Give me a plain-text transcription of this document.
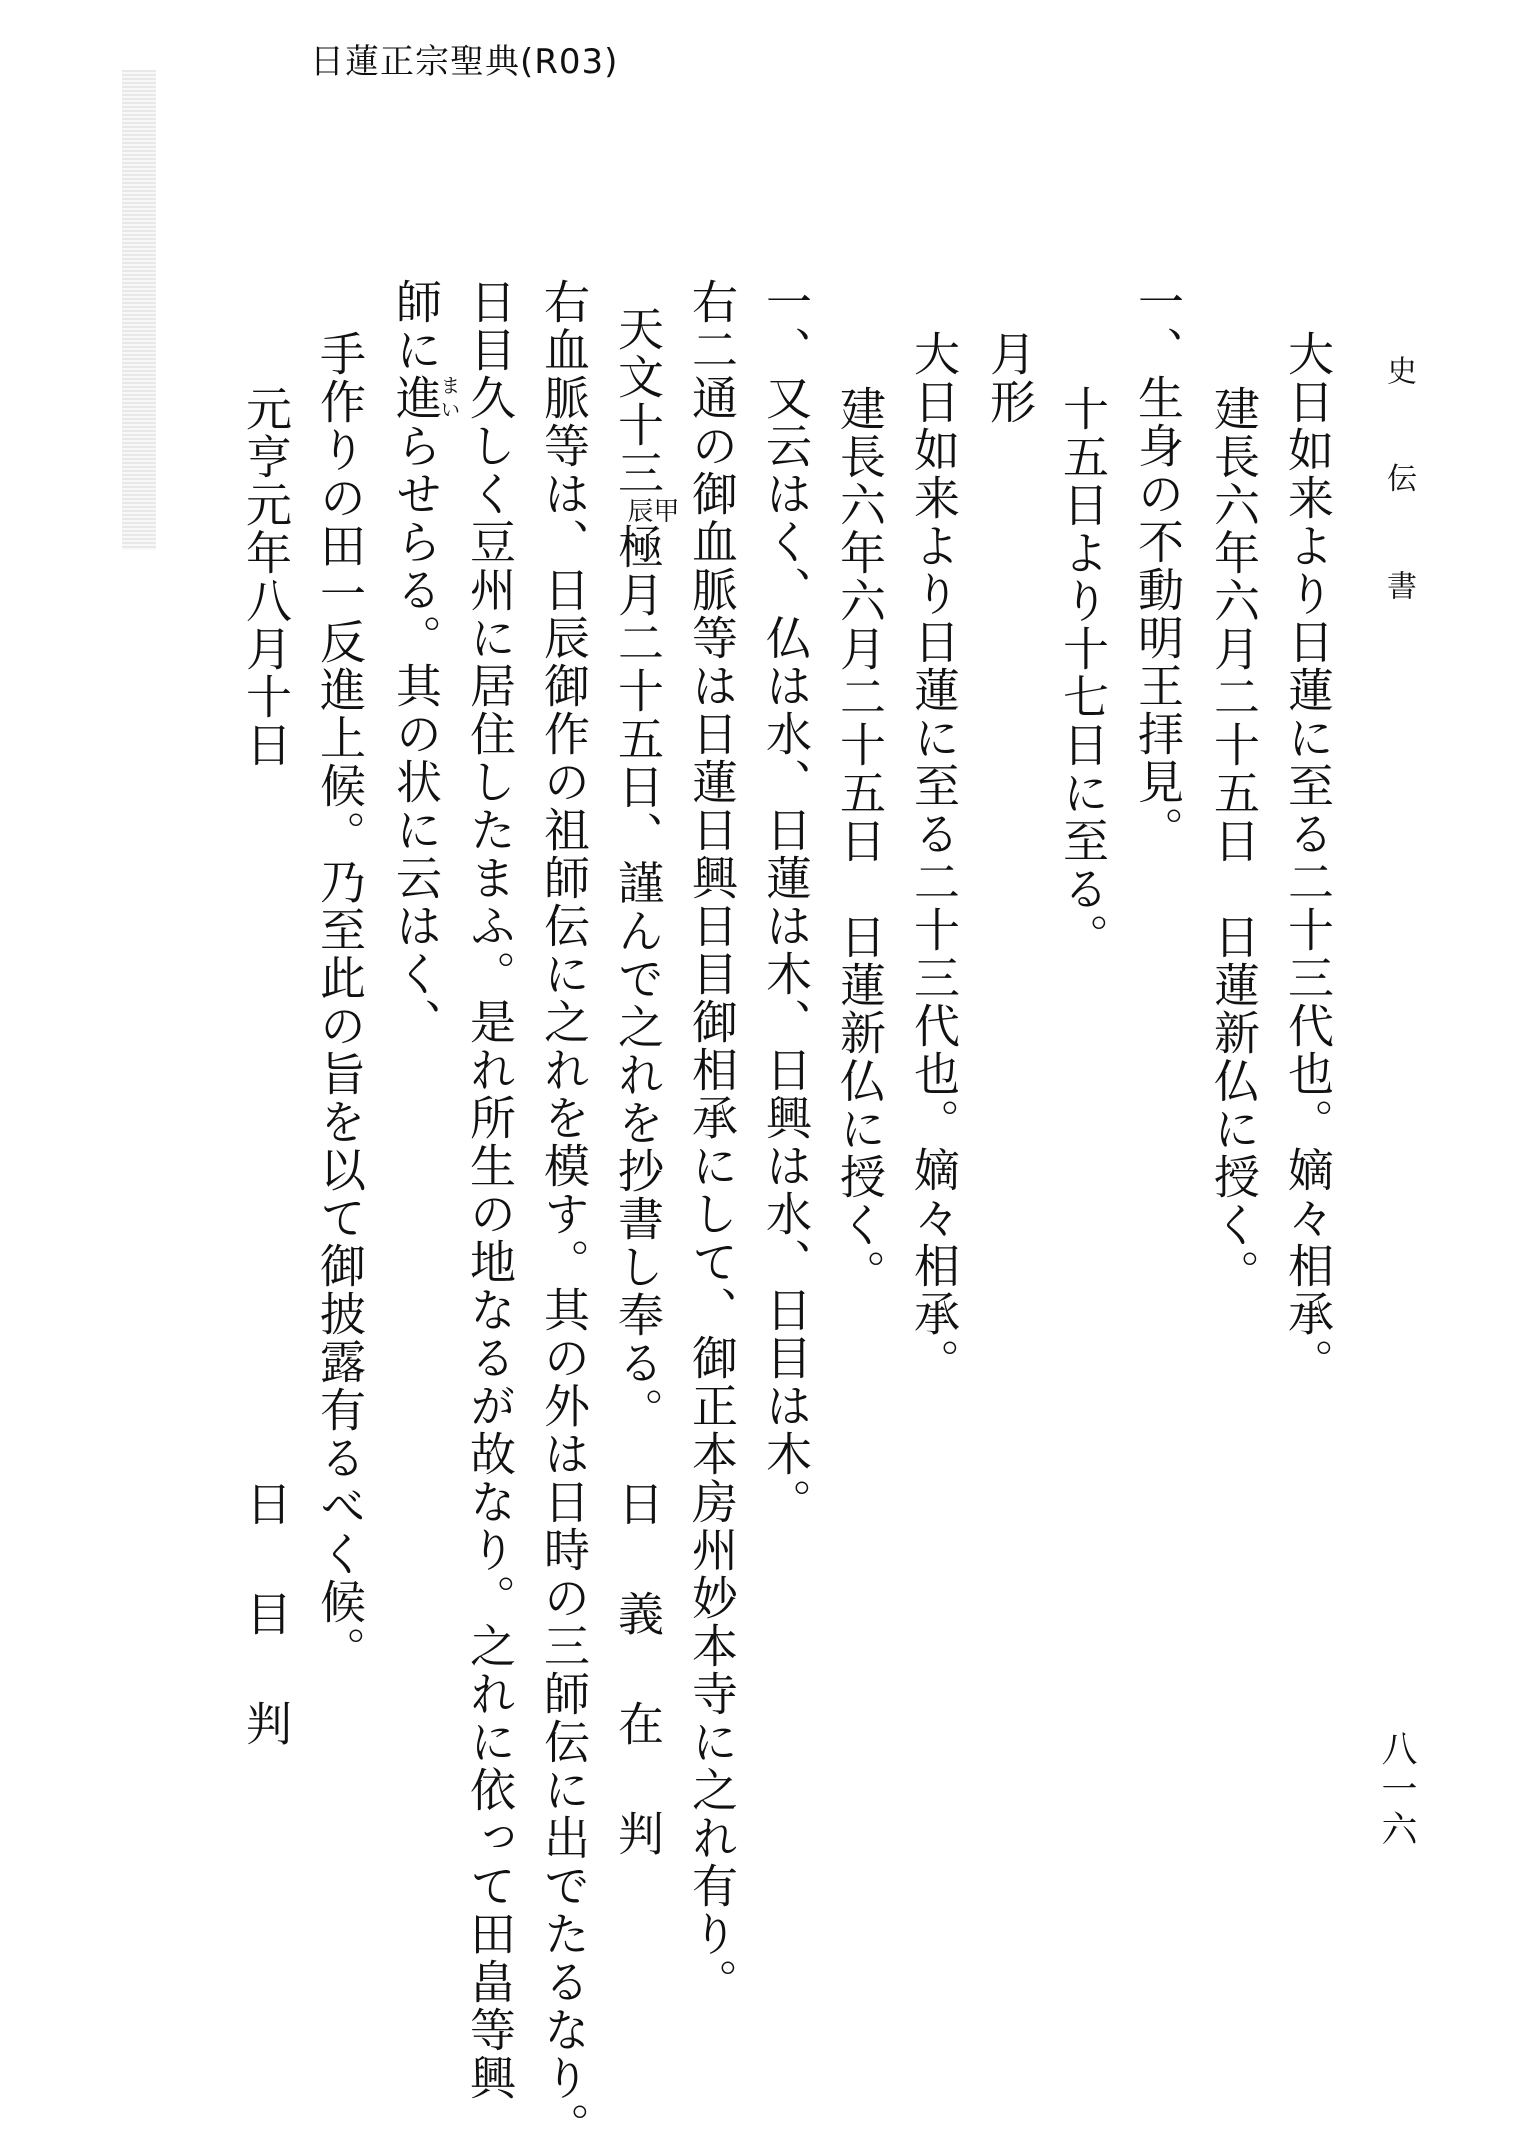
日蓮正宗聖典(R03)
史 伝 書
八一六
大日如来より日蓮に至る二十三代也。嫡々相承。
建長六年六月二十五日　日蓮新仏に授く。
一、生身の不動明王拝見。
十五日より十七日に至る。
月形
大日如来より日蓮に至る二十三代也。嫡々相承。
建長六年六月二十五日　日蓮新仏に授く。
一、又云はく、仏は水、日蓮は木、日興は水、日目は木。
右二通の御血脈等は日蓮日興日目御相承にして、御正本房州妙本寺に之れ有り。
天文十三
甲
辰
極月二十五日、謹んで之れを抄書し奉る。
日義在判
右血脈等は、日辰御作の祖師伝に之れを模す。其の外は日時の三師伝に出でたるなり。
日目久しく豆州に居住したまふ。是れ所生の地なるが故なり。之れに依って田畠等興
師に進まいらせらる。其の状に云はく、
手作りの田一反進上候。乃至此の旨を以て御披露有るべく候。
元亨元年八月十日
日目判
